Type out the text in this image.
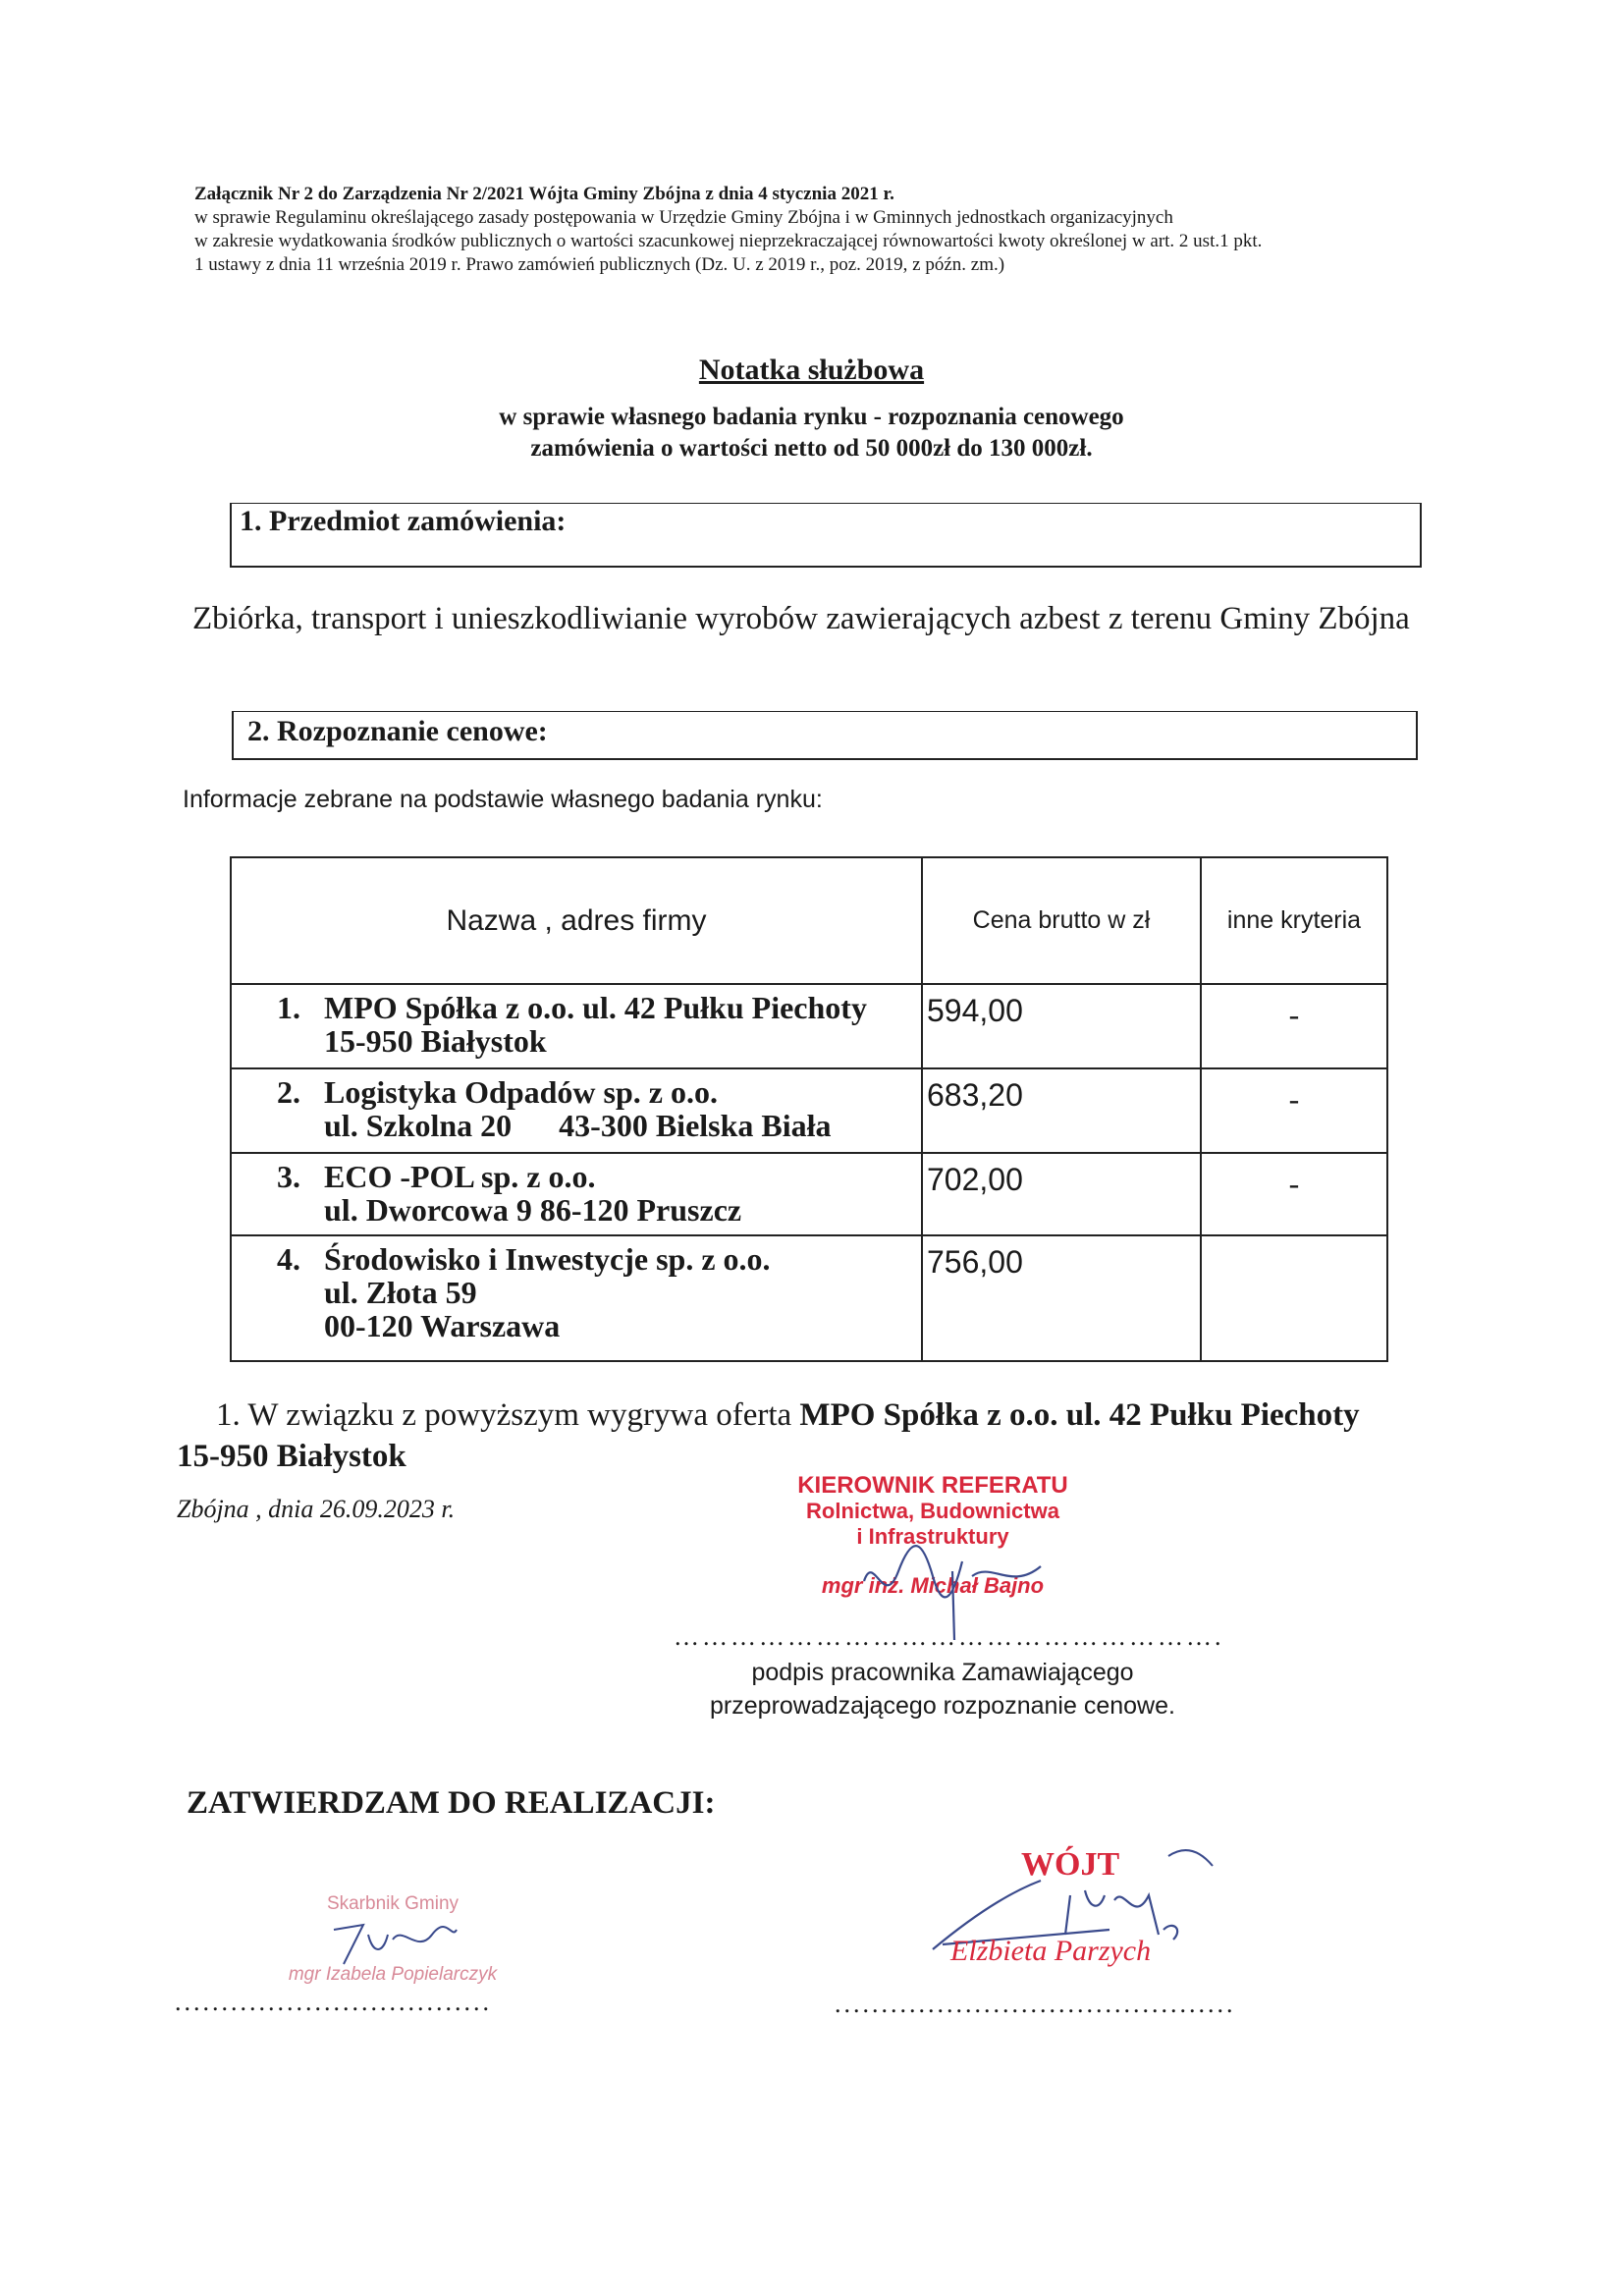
Załącznik Nr 2 do Zarządzenia Nr 2/2021 Wójta Gminy Zbójna z dnia 4 stycznia 2021 r.
w sprawie Regulaminu określającego zasady postępowania w Urzędzie Gminy Zbójna i w Gminnych jednostkach organizacyjnych
w zakresie wydatkowania środków publicznych o wartości szacunkowej nieprzekraczającej równowartości kwoty określonej w art. 2 ust.1 pkt.
1 ustawy z dnia 11 września 2019 r. Prawo zamówień publicznych (Dz. U. z 2019 r., poz. 2019, z późn. zm.)
Notatka służbowa
w sprawie własnego badania rynku - rozpoznania cenowego
zamówienia o wartości netto od 50 000zł do 130 000zł.
1. Przedmiot zamówienia:
Zbiórka, transport i unieszkodliwianie wyrobów zawierających azbest z terenu Gminy Zbójna
2. Rozpoznanie cenowe:
Informacje zebrane na podstawie własnego badania rynku:
Nazwa , adres firmy	Cena brutto w zł	inne kryteria
1. MPO Spółka z o.o. ul. 42 Pułku Piechoty
15-950 Białystok	594,00	-
2. Logistyka Odpadów sp. z o.o.
ul. Szkolna 20      43-300 Bielska Biała	683,20	-
3. ECO -POL sp. z o.o.
ul. Dworcowa 9 86-120 Pruszcz	702,00	-
4. Środowisko i Inwestycje sp. z o.o.
ul. Złota 59
00-120 Warszawa	756,00	
1. W związku z powyższym wygrywa oferta MPO Spółka z o.o. ul. 42 Pułku Piechoty
15-950 Białystok
Zbójna , dnia 26.09.2023 r.
KIEROWNIK REFERATU
Rolnictwa, Budownictwa
i Infrastruktury
mgr inż. Michał Bajno
………………………………………………….
podpis pracownika Zamawiającego
przeprowadzającego rozpoznanie cenowe.
ZATWIERDZAM DO REALIZACJI:
Skarbnik Gminy
mgr Izabela Popielarczyk
..................................
WÓJT
Elżbieta Parzych
...........................................
